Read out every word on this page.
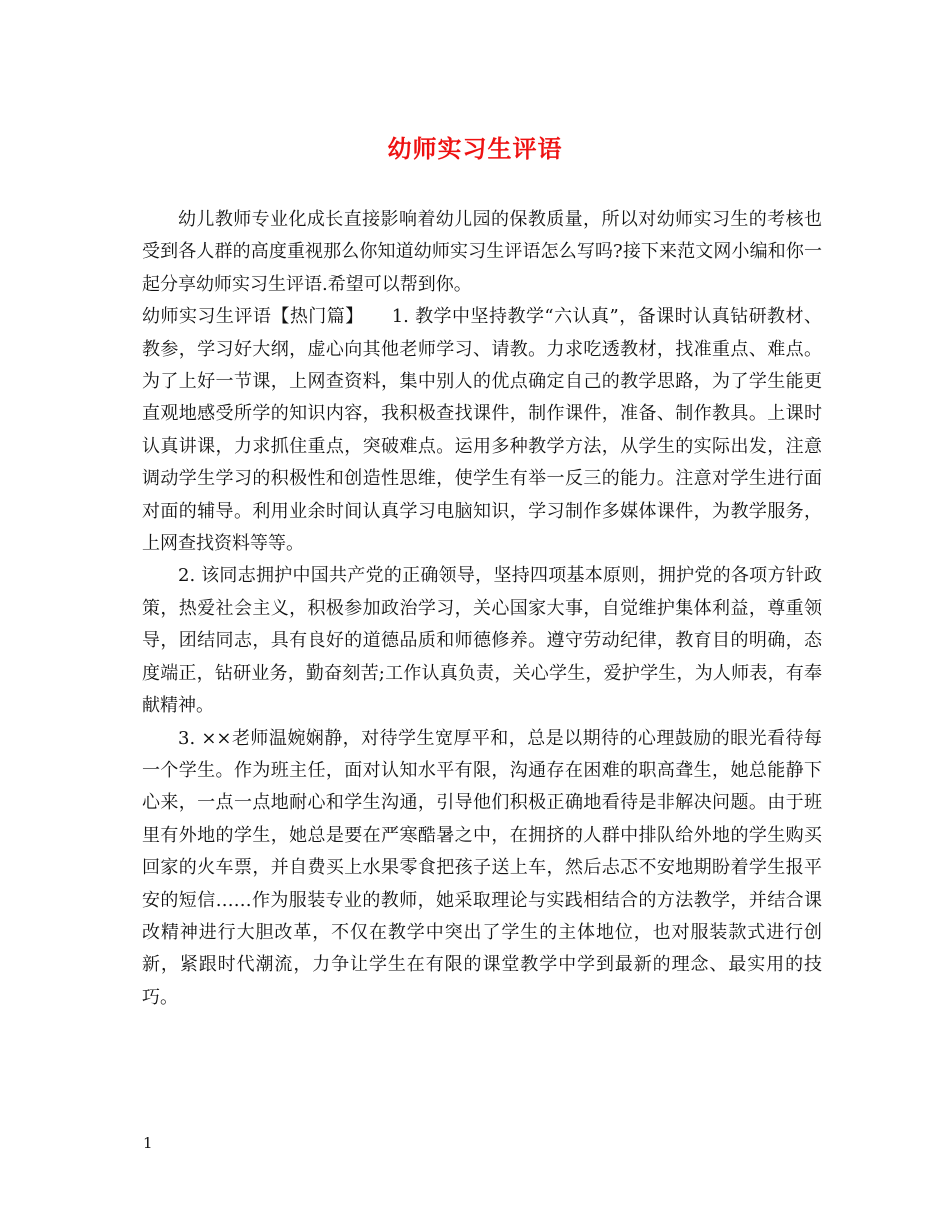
幼师实习生评语

幼儿教师专业化成长直接影响着幼儿园的保教质量，所以对幼师实习生的考核也受到各人群的高度重视那么你知道幼师实习生评语怎么写吗?接下来范文网小编和你一起分享幼师实习生评语.希望可以帮到你。

幼师实习生评语【热门篇】　　1. 教学中坚持教学“六认真”，备课时认真钻研教材、教参，学习好大纲，虚心向其他老师学习、请教。力求吃透教材，找准重点、难点。为了上好一节课，上网查资料，集中别人的优点确定自己的教学思路，为了学生能更直观地感受所学的知识内容，我积极查找课件，制作课件，准备、制作教具。上课时认真讲课，力求抓住重点，突破难点。运用多种教学方法，从学生的实际出发，注意调动学生学习的积极性和创造性思维，使学生有举一反三的能力。注意对学生进行面对面的辅导。利用业余时间认真学习电脑知识，学习制作多媒体课件，为教学服务，上网查找资料等等。

2. 该同志拥护中国共产党的正确领导，坚持四项基本原则，拥护党的各项方针政策，热爱社会主义，积极参加政治学习，关心国家大事，自觉维护集体利益，尊重领导，团结同志，具有良好的道德品质和师德修养。遵守劳动纪律，教育目的明确，态度端正，钻研业务，勤奋刻苦;工作认真负责，关心学生，爱护学生，为人师表，有奉献精神。

3. ××老师温婉娴静，对待学生宽厚平和，总是以期待的心理鼓励的眼光看待每一个学生。作为班主任，面对认知水平有限，沟通存在困难的职高聋生，她总能静下心来，一点一点地耐心和学生沟通，引导他们积极正确地看待是非解决问题。由于班里有外地的学生，她总是要在严寒酷暑之中，在拥挤的人群中排队给外地的学生购买回家的火车票，并自费买上水果零食把孩子送上车，然后忐忑不安地期盼着学生报平安的短信……作为服装专业的教师，她采取理论与实践相结合的方法教学，并结合课改精神进行大胆改革，不仅在教学中突出了学生的主体地位，也对服装款式进行创新，紧跟时代潮流，力争让学生在有限的课堂教学中学到最新的理念、最实用的技巧。

1
